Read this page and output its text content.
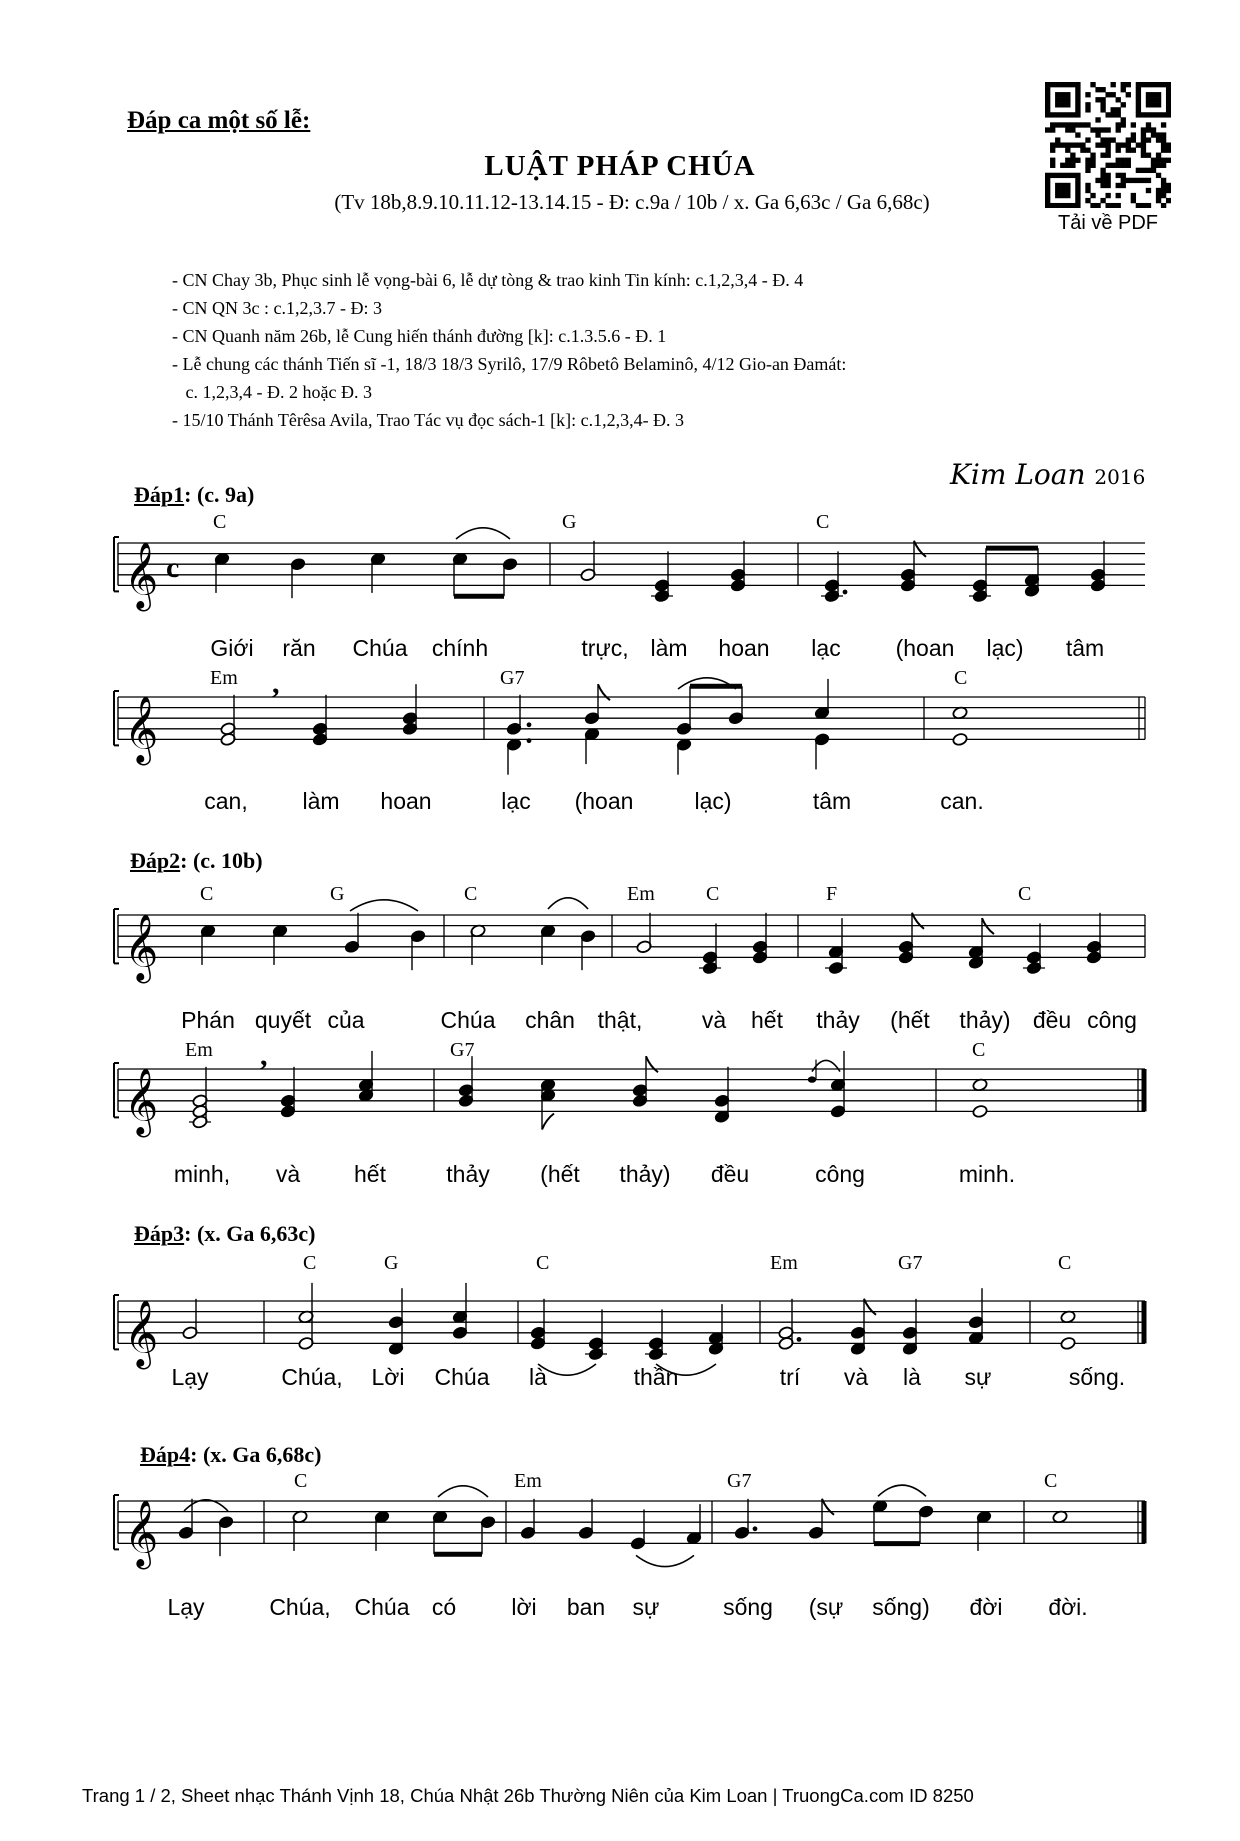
Đáp ca một số lễ:
LUẬT PHÁP CHÚA
(Tv 18b,8.9.10.11.12-13.14.15 - Đ: c.9a / 10b / x. Ga 6,63c / Ga 6,68c)
Tải về PDF
- CN Chay 3b, Phục sinh lễ vọng-bài 6, lễ dự tòng & trao kinh Tin kính: c.1,2,3,4 - Đ. 4
- CN QN 3c : c.1,2,3.7 - Đ: 3
- CN Quanh năm 26b, lễ Cung hiến thánh đường [k]: c.1.3.5.6 - Đ. 1
- Lễ chung các thánh Tiến sĩ -1, 18/3 18/3 Syrilô, 17/9 Rôbetô Belaminô, 4/12 Gio-an Đamát:
c. 1,2,3,4 - Đ. 2 hoặc Đ. 3
- 15/10 Thánh Têrêsa Avila, Trao Tác vụ đọc sách-1 [k]: c.1,2,3,4- Đ. 3
Kim Loan 2016
Đáp1: (c. 9a)
Đáp2: (c. 10b)
Đáp3: (x. Ga 6,63c)
Đáp4: (x. Ga 6,68c)
𝄞 c
C	G	C
𝄞
Em	G7	C
,
𝄞
C	G	C	Em	C	F	C
𝄞
Em	G7	C
,
𝄞
C	G	C	Em	G7	C
𝄞
C	Em	G7	C
Giới răn Chúa chính	trực, làm hoan lạc (hoan lạc) tâm
can, làm hoan	lạc (hoan	lạc)	tâm	can.
Phán quyết của	Chúa chân thật,	và hết thảy (hết thảy) đều công
minh, và hết	thảy (hết thảy) đều	công	minh.
Lạy	Chúa, Lời Chúa là	thần	trí và là sự	sống.
Lạy	Chúa, Chúa có lời ban sự	sống (sự sống) đời đời.
Trang 1 / 2, Sheet nhạc Thánh Vịnh 18, Chúa Nhật 26b Thường Niên của Kim Loan | TruongCa.com ID 8250
